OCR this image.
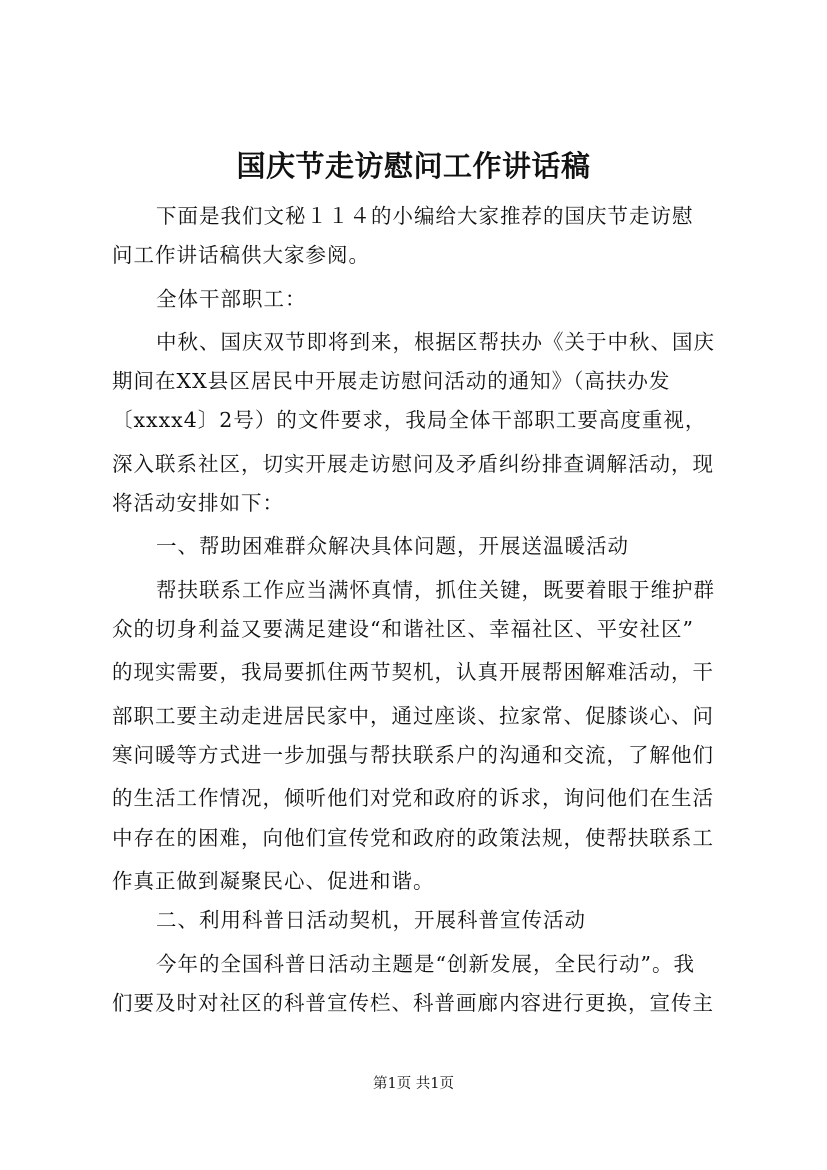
国庆节走访慰问工作讲话稿
下面是我们文秘１１４的小编给大家推荐的国庆节走访慰
问工作讲话稿供大家参阅。
全体干部职工：
中秋、国庆双节即将到来，根据区帮扶办《关于中秋、国庆
期间在XX县区居民中开展走访慰问活动的通知》（高扶办发
〔xxxx4〕2号）的文件要求，我局全体干部职工要高度重视，
深入联系社区，切实开展走访慰问及矛盾纠纷排查调解活动，现
将活动安排如下：
一、帮助困难群众解决具体问题，开展送温暖活动
帮扶联系工作应当满怀真情，抓住关键，既要着眼于维护群
众的切身利益又要满足建设“和谐社区、幸福社区、平安社区”
的现实需要，我局要抓住两节契机，认真开展帮困解难活动，干
部职工要主动走进居民家中，通过座谈、拉家常、促膝谈心、问
寒问暖等方式进一步加强与帮扶联系户的沟通和交流，了解他们
的生活工作情况，倾听他们对党和政府的诉求，询问他们在生活
中存在的困难，向他们宣传党和政府的政策法规，使帮扶联系工
作真正做到凝聚民心、促进和谐。
二、利用科普日活动契机，开展科普宣传活动
今年的全国科普日活动主题是“创新发展，全民行动”。我
们要及时对社区的科普宣传栏、科普画廊内容进行更换，宣传主
第1页 共1页
